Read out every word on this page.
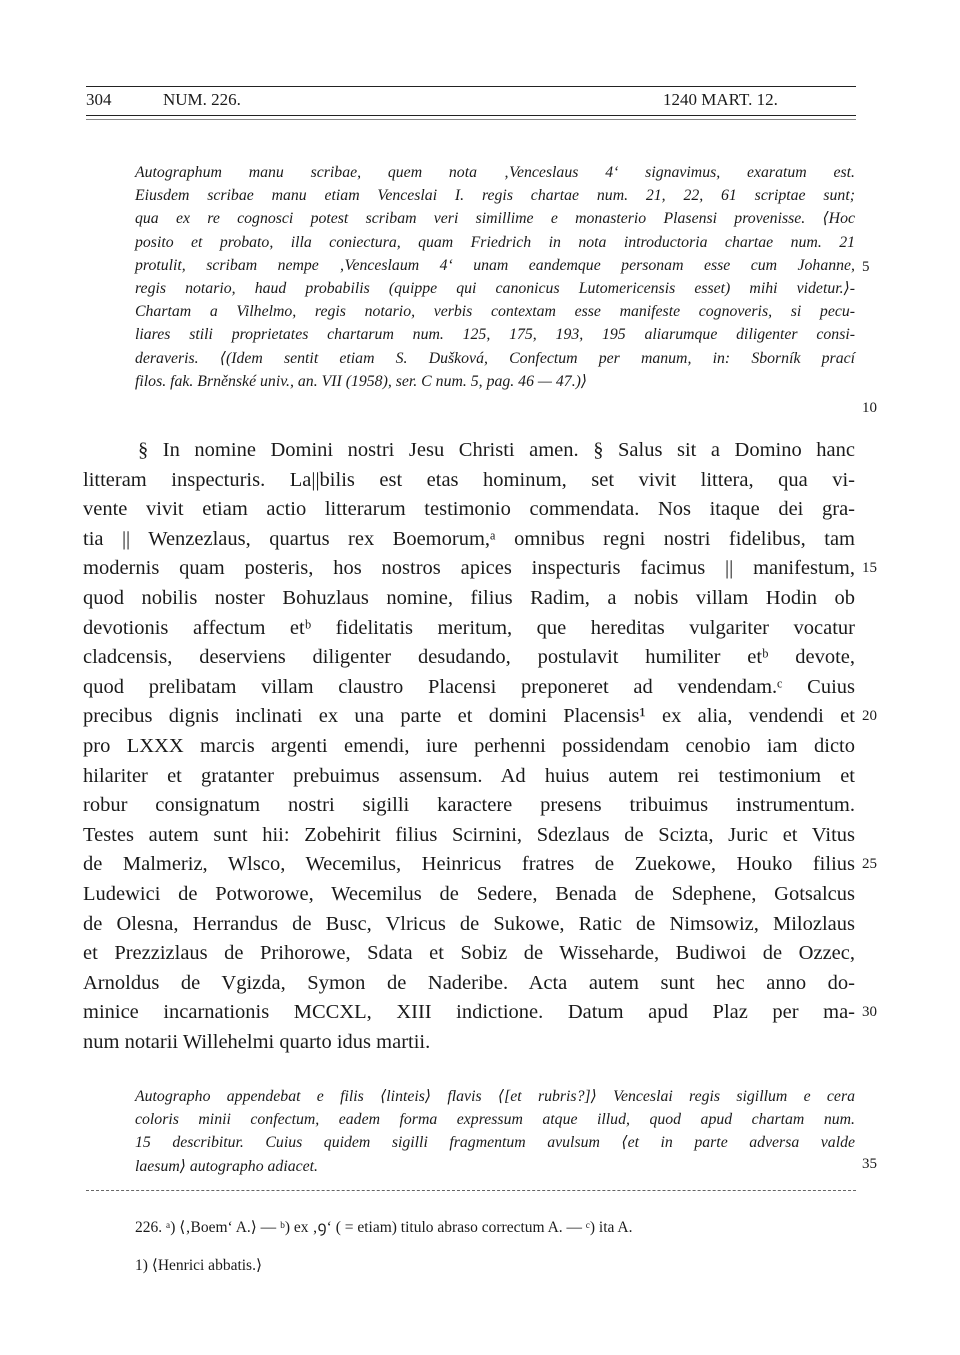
304	NUM. 226.	1240 MART. 12.

Autographum manu scribae, quem nota ‚Venceslaus 4‘ signavimus, exaratum est.
Eiusdem scribae manu etiam Venceslai I. regis chartae num. 21, 22, 61 scriptae sunt;
qua ex re cognosci potest scribam veri simillime e monasterio Plasensi provenisse. ⟨Hoc
posito et probato, illa coniectura, quam Friedrich in nota introductoria chartae num. 21
protulit, scribam nempe ‚Venceslaum 4‘ unam eandemque personam esse cum Johanne,
regis notario, haud probabilis (quippe qui canonicus Lutomericensis esset) mihi videtur.⟩-
Chartam a Vilhelmo, regis notario, verbis contextam esse manifeste cognoveris, si pecu-
liares stili proprietates chartarum num. 125, 175, 193, 195 aliarumque diligenter consi-
deraveris. ⟨(Idem sentit etiam S. Dušková, Confectum per manum, in: Sborník prací
filos. fak. Brněnské univ., an. VII (1958), ser. C num. 5, pag. 46 — 47.)⟩

§ In nomine Domini nostri Jesu Christi amen. § Salus sit a Domino hanc
litteram inspecturis. La||bilis est etas hominum, set vivit littera, qua vi-
vente vivit etiam actio litterarum testimonio commendata. Nos itaque dei gra-
tia || Wenzezlaus, quartus rex Boemorum,ᵃ omnibus regni nostri fidelibus, tam
modernis quam posteris, hos nostros apices inspecturis facimus || manifestum,
quod nobilis noster Bohuzlaus nomine, filius Radim, a nobis villam Hodin ob
devotionis affectum etᵇ fidelitatis meritum, que hereditas vulgariter vocatur
cladcensis, deserviens diligenter desudando, postulavit humiliter etᵇ devote,
quod prelibatam villam claustro Placensi preponeret ad vendendam.ᶜ Cuius
precibus dignis inclinati ex una parte et domini Placensis¹ ex alia, vendendi et
pro LXXX marcis argenti emendi, iure perhenni possidendam cenobio iam dicto
hilariter et gratanter prebuimus assensum. Ad huius autem rei testimonium et
robur consignatum nostri sigilli karactere presens tribuimus instrumentum.
Testes autem sunt hii: Zobehirit filius Scirnini, Sdezlaus de Scizta, Juric et Vitus
de Malmeriz, Wlsco, Wecemilus, Heinricus fratres de Zuekowe, Houko filius
Ludewici de Potworowe, Wecemilus de Sedere, Benada de Sdephene, Gotsalcus
de Olesna, Herrandus de Busc, Vlricus de Sukowe, Ratic de Nimsowiz, Milozlaus
et Prezzizlaus de Prihorowe, Sdata et Sobiz de Wisseharde, Budiwoi de Ozzec,
Arnoldus de Vgizda, Symon de Naderibe. Acta autem sunt hec anno do-
minice incarnationis MCCXL, XIII indictione. Datum apud Plaz per ma-
num notarii Willehelmi quarto idus martii.

5
10
15
20
25
30
35

Autographo appendebat e filis ⟨linteis⟩ flavis ⟨[et rubris?]⟩ Venceslai regis sigillum e cera
coloris minii confectum, eadem forma expressum atque illud, quod apud chartam num.
15 describitur. Cuius quidem sigilli fragmentum avulsum ⟨et in parte adversa valde
laesum⟩ autographo adiacet.

226. ᵃ) ⟨‚Boem‘ A.⟩ — ᵇ) ex ‚ꝯ‘ ( = etiam) titulo abraso correctum A. — ᶜ) ita A.
1) ⟨Henrici abbatis.⟩
